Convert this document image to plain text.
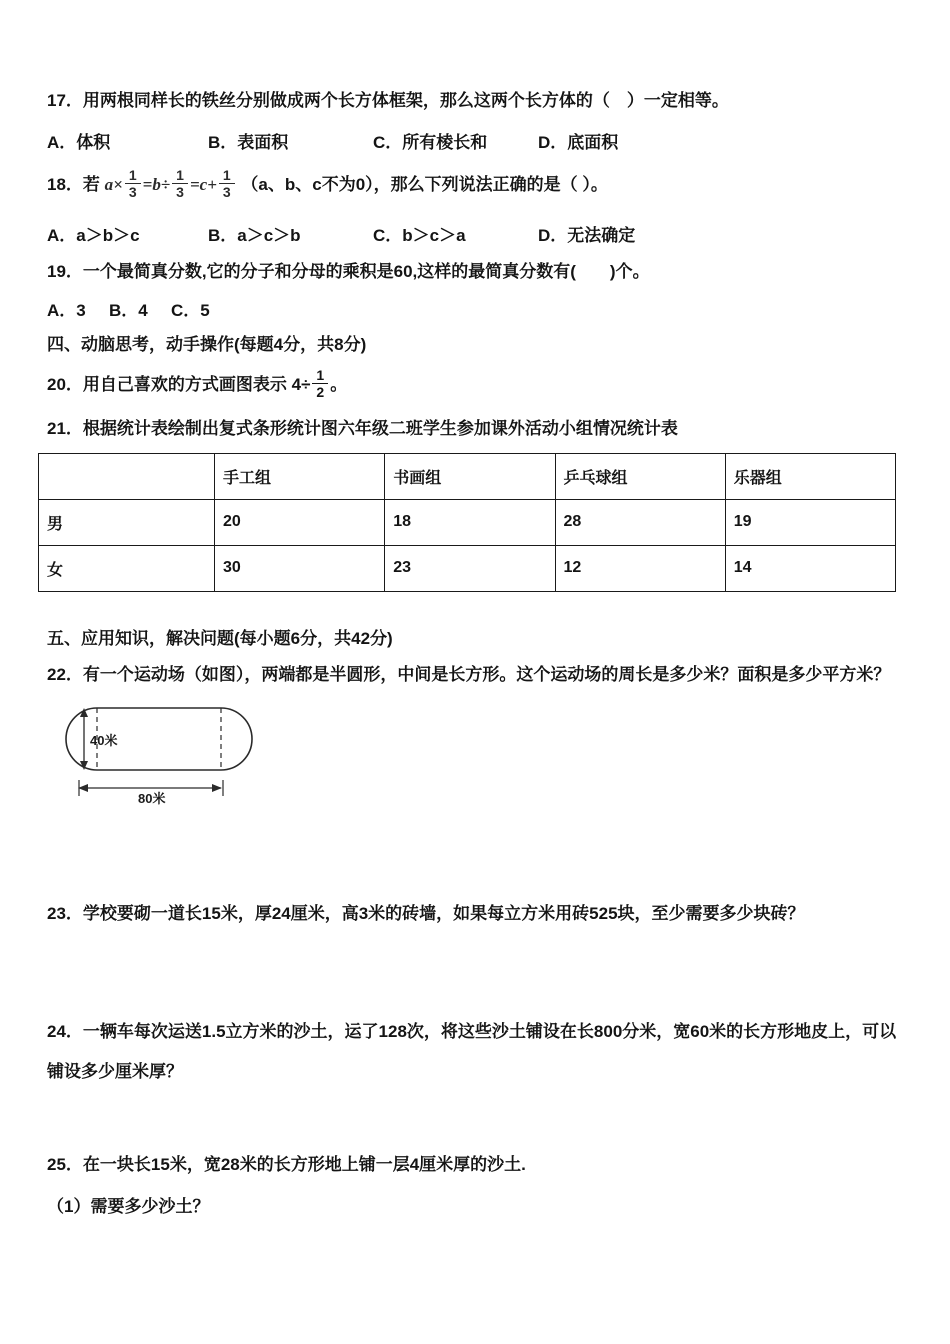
17．用两根同样长的铁丝分别做成两个长方体框架，那么这两个长方体的（　）一定相等。

A．体积	B．表面积	C．所有棱长和	D．底面积
18．若 $a\times \frac{1}{3} =b\div \frac{1}{3} =c+ \frac{1}{3} (a$、b、c不为0），那么下列说法正确的是（ ）。
A．a＞b＞c	B．a＞c＞b	C．b＞c＞a	D．无法确定

19．一个最简真分数,它的分子和分母的乘积是60,这样的最简真分数有(　　)个。

A．3 B．4 C．5

四、动脑思考，动手操作(每题4分，共8分)

20．用自己喜欢的方式画图表示 $4\div \frac{1}{2}$ 。

21．根据统计表绘制出复式条形统计图六年级二班学生参加课外活动小组情况统计表

	手工组	书画组	乒乓球组	乐器组
男	20	18	28	19
女	30	23	12	14

五、应用知识，解决问题(每小题6分，共42分)

22．有一个运动场（如图），两端都是半圆形，中间是长方形。这个运动场的周长是多少米？面积是多少平方米？

40米
80米

23．学校要砌一道长15米，厚24厘米，高3米的砖墙，如果每立方米用砖525块，至少需要多少块砖？

24．一辆车每次运送1.5立方米的沙土，运了128次，将这些沙土铺设在长800分米，宽60米的长方形地皮上，可以铺设多少厘米厚？

25．在一块长15米，宽28米的长方形地上铺一层4厘米厚的沙土.

（1）需要多少沙土？
